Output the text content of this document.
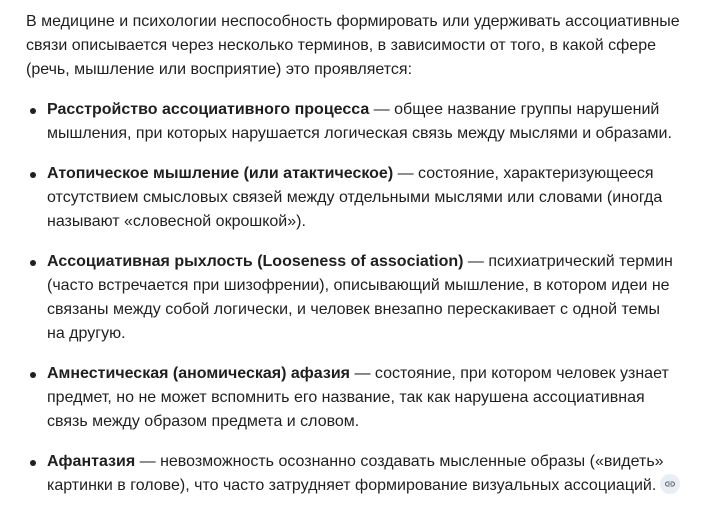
В медицине и психологии неспособность формировать или удерживать ассоциативные связи описывается через несколько терминов, в зависимости от того, в какой сфере (речь, мышление или восприятие) это проявляется:

Расстройство ассоциативного процесса — общее название группы нарушений мышления, при которых нарушается логическая связь между мыслями и образами.
Атопическое мышление (или атактическое) — состояние, характеризующееся отсутствием смысловых связей между отдельными мыслями или словами (иногда называют «словесной окрошкой»).
Ассоциативная рыхлость (Looseness of association) — психиатрический термин (часто встречается при шизофрении), описывающий мышление, в котором идеи не связаны между собой логически, и человек внезапно перескакивает с одной темы на другую.
Амнестическая (аномическая) афазия — состояние, при котором человек узнает предмет, но не может вспомнить его название, так как нарушена ассоциативная связь между образом предмета и словом.
Афантазия — невозможность осознанно создавать мысленные образы («видеть» картинки в голове), что часто затрудняет формирование визуальных ассоциаций.
